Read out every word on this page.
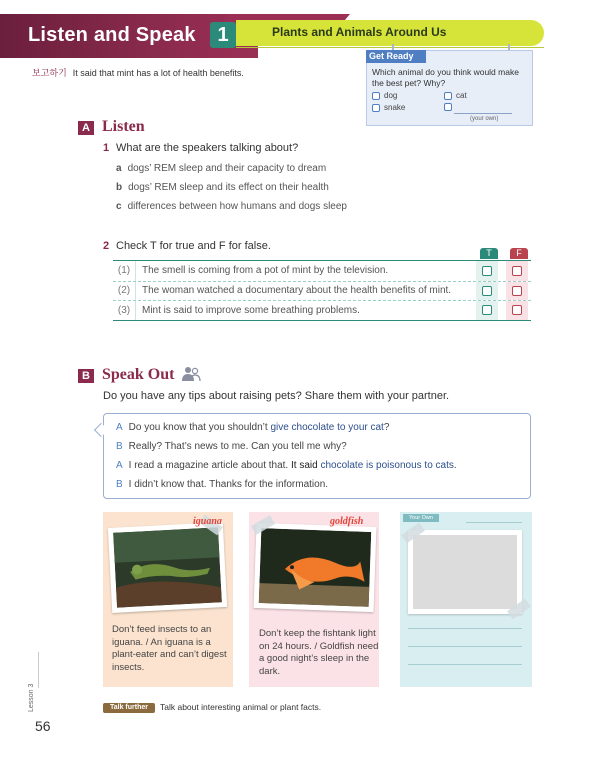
Listen and Speak	1	Plants and Animals Around Us
보고하기 It said that mint has a lot of health benefits.
Get Ready
Which animal do you think would make the best pet? Why?
dog	cat
snake
(your own)
A Listen
1 What are the speakers talking about?
a dogs’ REM sleep and their capacity to dream
b dogs’ REM sleep and its effect on their health
c differences between how humans and dogs sleep
2 Check T for true and F for false.
T	F
(1)	The smell is coming from a pot of mint by the television.
(2)	The woman watched a documentary about the health benefits of mint.
(3)	Mint is said to improve some breathing problems.
B Speak Out
Do you have any tips about raising pets? Share them with your partner.
A Do you know that you shouldn’t give chocolate to your cat?
B Really? That’s news to me. Can you tell me why?
A I read a magazine article about that. It said chocolate is poisonous to cats.
B I didn’t know that. Thanks for the information.
iguana
Don’t feed insects to an iguana. / An iguana is a plant-eater and can’t digest insects.
goldfish
Don’t keep the fishtank light on 24 hours. / Goldfish need a good night’s sleep in the dark.
Your Own
Talk further	Talk about interesting animal or plant facts.
Lesson 3
56
